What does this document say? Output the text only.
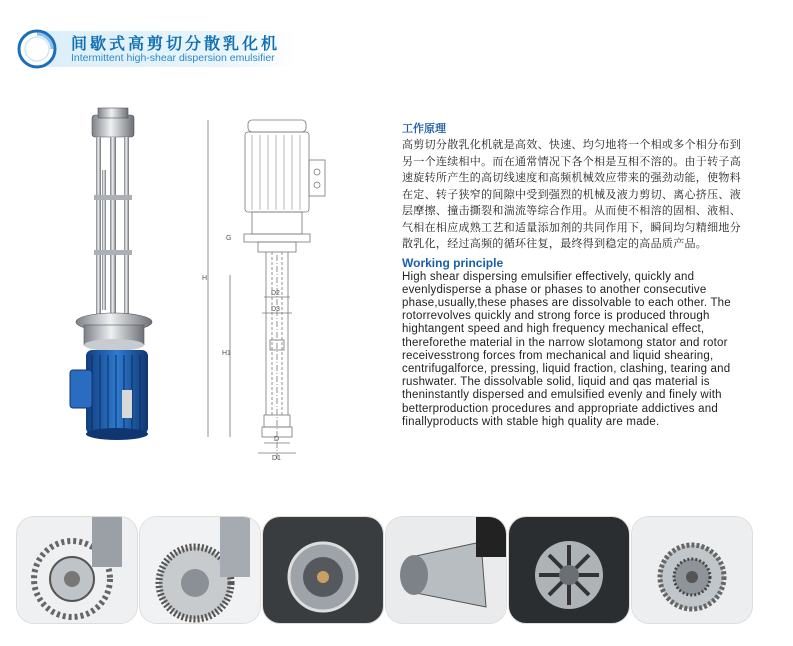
间歇式高剪切分散乳化机
Intermittent high-shear dispersion emulsifier
G
H
H1
D2
D3
D
D1

工作原理

高剪切分散乳化机就是高效、快速、均匀地将一个相或多个相分布到另一个连续相中。而在通常情况下各个相是互相不溶的。由于转子高速旋转所产生的高切线速度和高频机械效应带来的强劲动能，使物料在定、转子狭窄的间隙中受到强烈的机械及液力剪切、离心挤压、液层摩擦、撞击撕裂和湍流等综合作用。从而使不相溶的固相、液相、气相在相应成熟工艺和适量添加剂的共同作用下，瞬间均匀精细地分散乳化，经过高频的循环往复，最终得到稳定的高品质产品。

Working principle

High shear dispersing emulsifier effectively, quickly and evenlydisperse a phase or phases to another consecutive phase,usually,these phases are dissolvable to each other. The rotorrevolves quickly and strong force is produced through hightangent speed and high frequency mechanical effect, thereforethe material in the narrow slotamong stator and rotor receivesstrong forces from mechanical and liquid shearing, centrifugalforce, pressing, liquid fraction, clashing, tearing and rushwater. The dissolvable solid, liquid and qas material is theninstantly dispersed and emulsified evenly and finely with betterproduction procedures and appropriate addictives and finallyproducts with stable high quality are made.
